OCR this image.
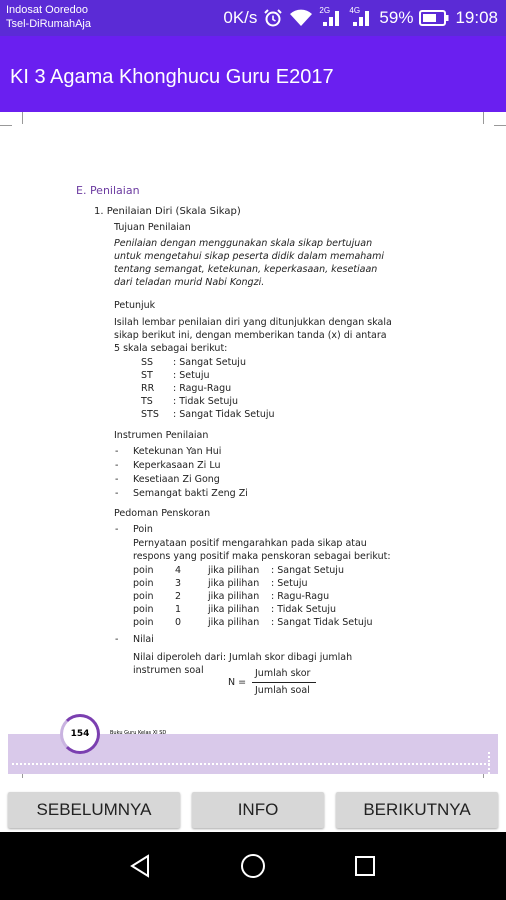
Indosat Ooredoo
Tsel-DiRumahAja	0K/s	2G 4G 59% 19:08
KI 3 Agama Khonghucu Guru E2017
E. Penilaian
1. Penilaian Diri (Skala Sikap)
Tujuan Penilaian
Penilaian dengan menggunakan skala sikap bertujuan
untuk mengetahui sikap peserta didik dalam memahami
tentang semangat, ketekunan, keperkasaan, kesetiaan
dari teladan murid Nabi Kongzi.
Petunjuk
Isilah lembar penilaian diri yang ditunjukkan dengan skala
sikap berikut ini, dengan memberikan tanda (x) di antara
5 skala sebagai berikut:
SS : Sangat Setuju
ST : Setuju
RR : Ragu-Ragu
TS : Tidak Setuju
STS : Sangat Tidak Setuju
Instrumen Penilaian
- Ketekunan Yan Hui
- Keperkasaan Zi Lu
- Kesetiaan Zi Gong
- Semangat bakti Zeng Zi
Pedoman Penskoran
- Poin
Pernyataan positif mengarahkan pada sikap atau
respons yang positif maka penskoran sebagai berikut:
poin 4	jika pilihan : Sangat Setuju
poin 3	jika pilihan : Setuju
poin 2	jika pilihan : Ragu-Ragu
poin 1	jika pilihan : Tidak Setuju
poin 0	jika pilihan : Sangat Tidak Setuju
- Nilai
Nilai diperoleh dari: Jumlah skor dibagi jumlah
instrumen soal
N =
Jumlah skor
Jumlah soal
154	Buku Guru Kelas XI SD
SEBELUMNYA	INFO	BERIKUTNYA
